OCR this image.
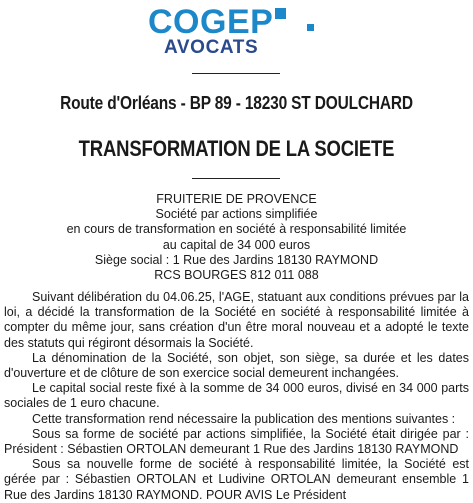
COGEP
AVOCATS
Route d'Orléans - BP 89 - 18230 ST DOULCHARD
TRANSFORMATION DE LA SOCIETE
FRUITERIE DE PROVENCE
Société par actions simplifiée
en cours de transformation en société à responsabilité limitée
au capital de 34 000 euros
Siège social : 1 Rue des Jardins 18130 RAYMOND
RCS BOURGES 812 011 088

Suivant délibération du 04.06.25, l'AGE, statuant aux conditions prévues par la loi, a décidé la transformation de la Société en société à responsabilité limitée à compter du même jour, sans création d'un être moral nouveau et a adopté le texte des statuts qui régiront désormais la Société.

La dénomination de la Société, son objet, son siège, sa durée et les dates d'ouverture et de clôture de son exercice social demeurent inchangées.

Le capital social reste fixé à la somme de 34 000 euros, divisé en 34 000 parts sociales de 1 euro chacune.

Cette transformation rend nécessaire la publication des mentions suivantes :

Sous sa forme de société par actions simplifiée, la Société était dirigée par : Président : Sébastien ORTOLAN demeurant 1 Rue des Jardins 18130 RAYMOND

Sous sa nouvelle forme de société à responsabilité limitée, la Société est gérée par : Sébastien ORTOLAN et Ludivine ORTOLAN demeurant ensemble 1 Rue des Jardins 18130 RAYMOND. POUR AVIS Le Président
